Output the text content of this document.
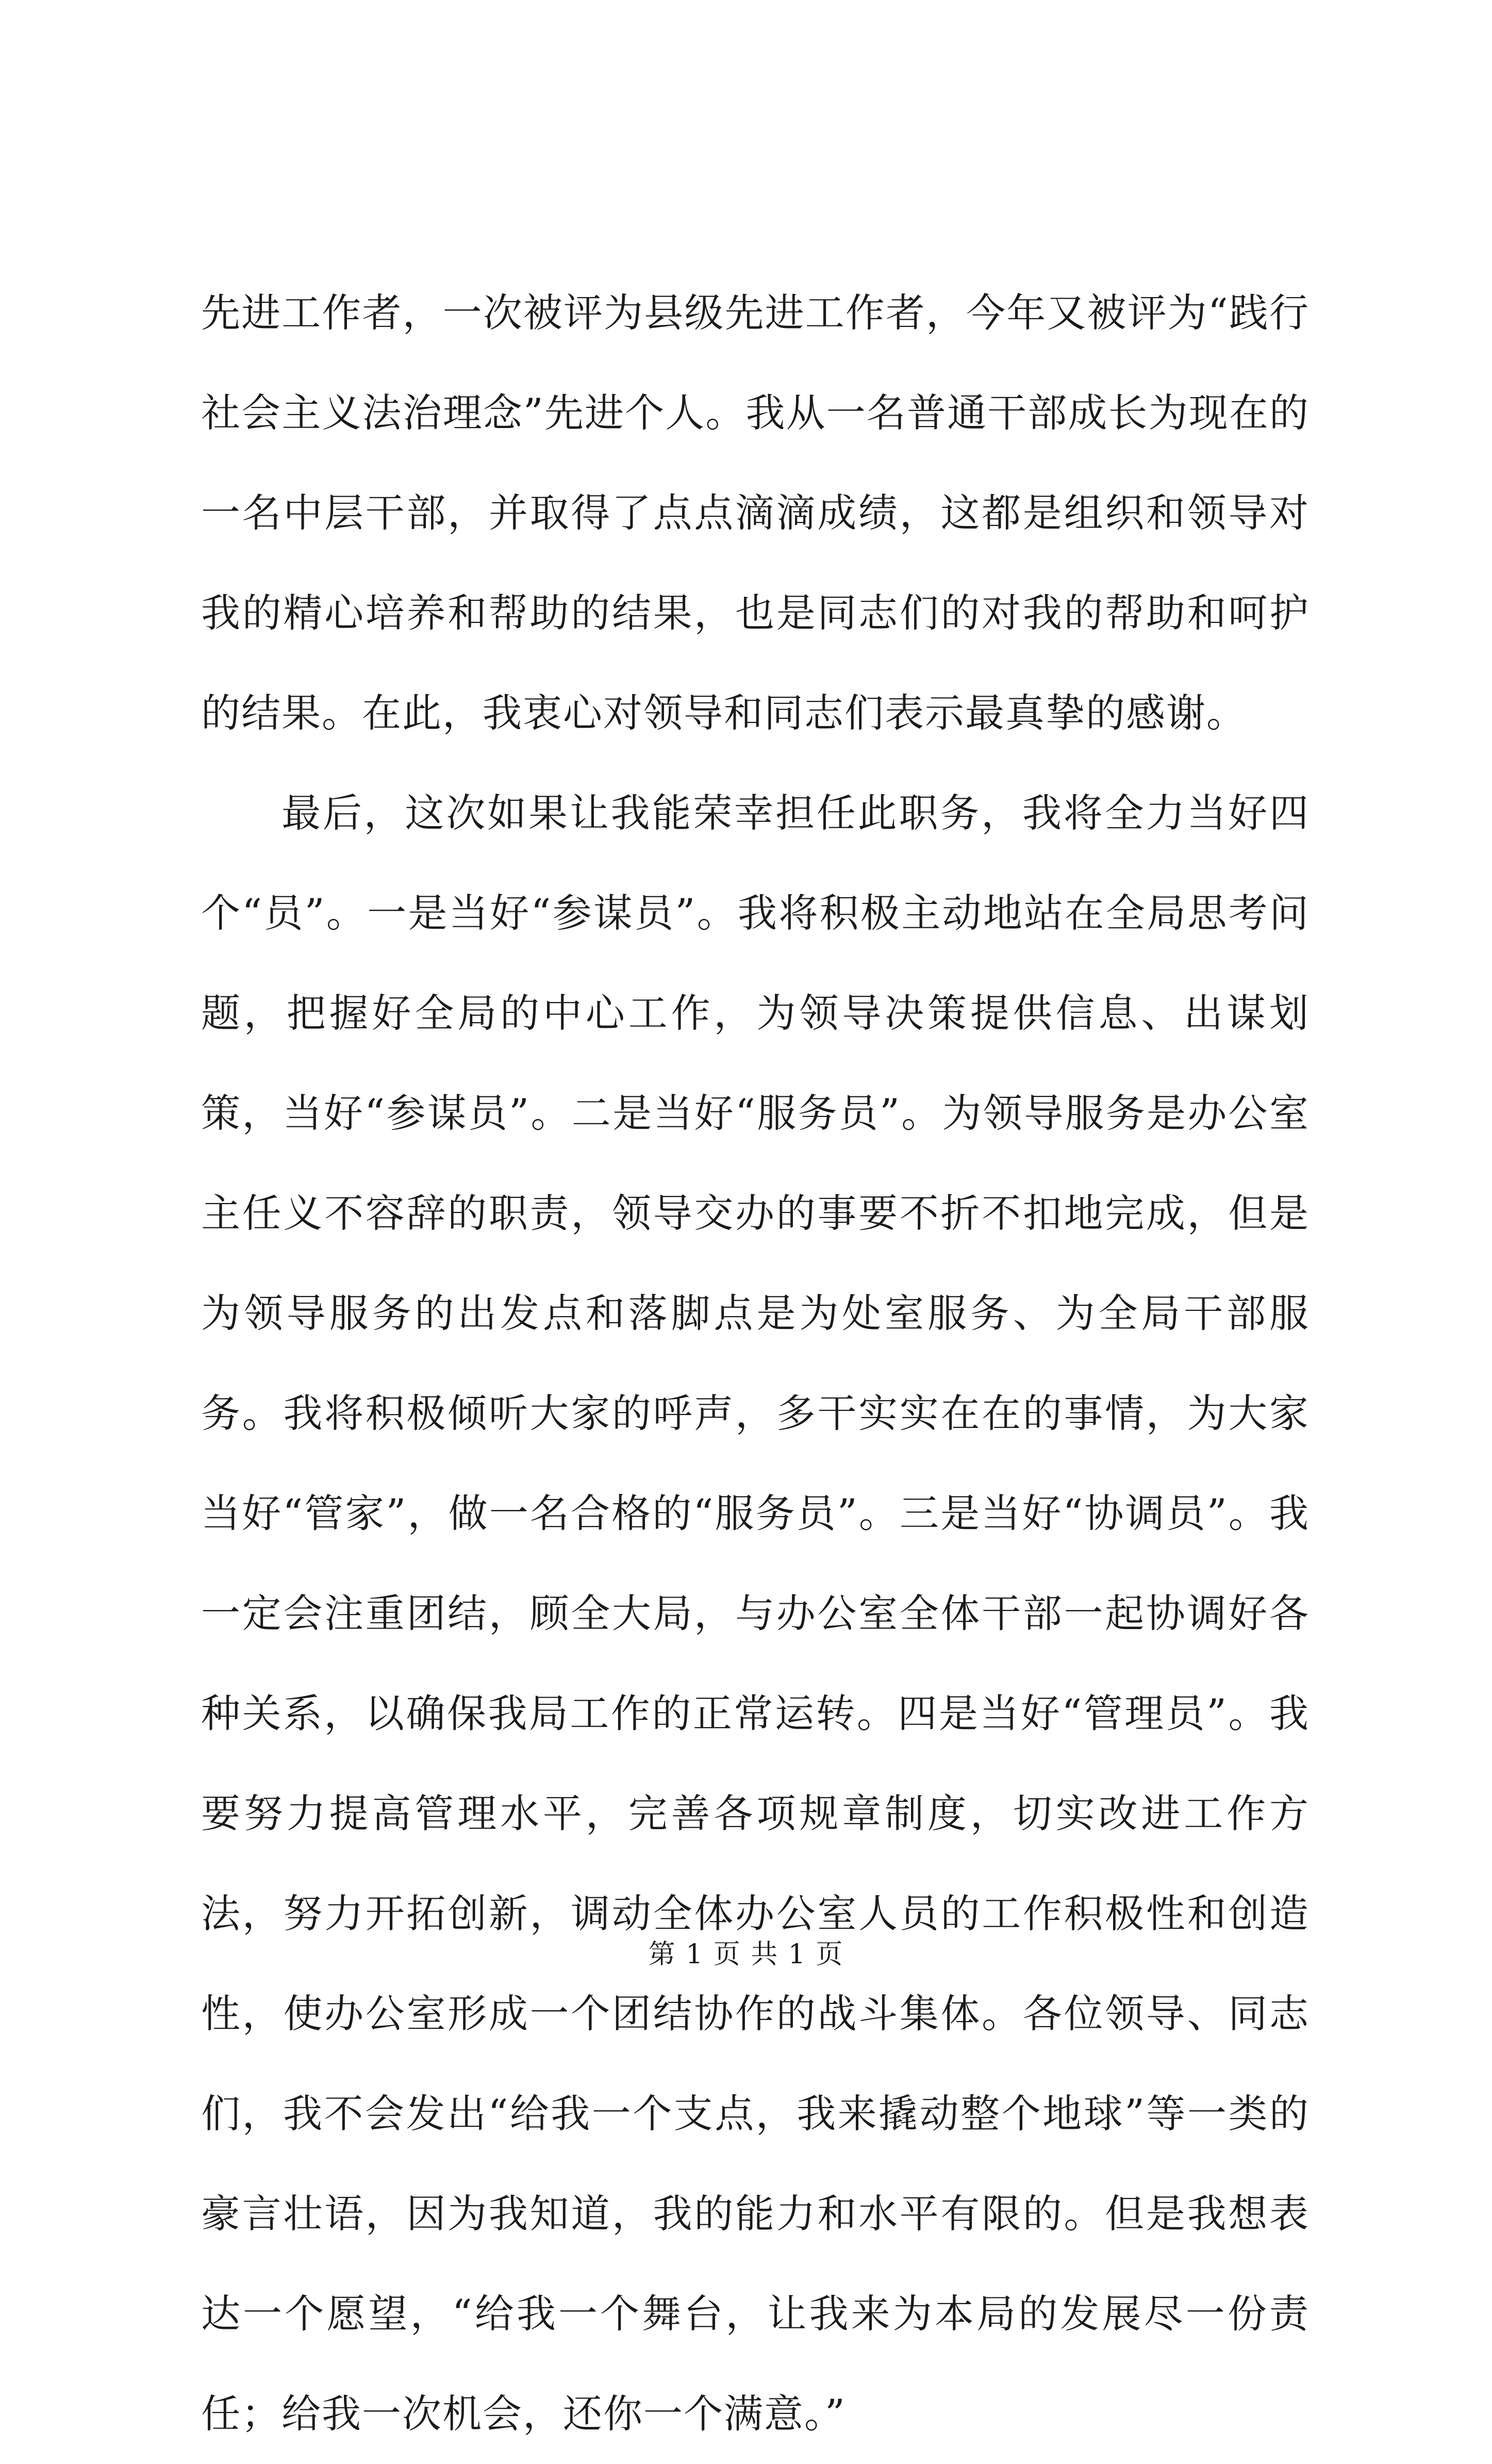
先进工作者，一次被评为县级先进工作者，今年又被评为“践行社会主义法治理念”先进个人。我从一名普通干部成长为现在的一名中层干部，并取得了点点滴滴成绩，这都是组织和领导对我的精心培养和帮助的结果，也是同志们的对我的帮助和呵护的结果。在此，我衷心对领导和同志们表示最真挚的感谢。

最后，这次如果让我能荣幸担任此职务，我将全力当好四个“员”。一是当好“参谋员”。我将积极主动地站在全局思考问题，把握好全局的中心工作，为领导决策提供信息、出谋划策，当好“参谋员”。二是当好“服务员”。为领导服务是办公室主任义不容辞的职责，领导交办的事要不折不扣地完成，但是为领导服务的出发点和落脚点是为处室服务、为全局干部服务。我将积极倾听大家的呼声，多干实实在在的事情，为大家当好“管家”，做一名合格的“服务员”。三是当好“协调员”。我一定会注重团结，顾全大局，与办公室全体干部一起协调好各种关系，以确保我局工作的正常运转。四是当好“管理员”。我要努力提高管理水平，完善各项规章制度，切实改进工作方法，努力开拓创新，调动全体办公室人员的工作积极性和创造性，使办公室形成一个团结协作的战斗集体。各位领导、同志们，我不会发出“给我一个支点，我来撬动整个地球”等一类的豪言壮语，因为我知道，我的能力和水平有限的。但是我想表达一个愿望，“给我一个舞台，让我来为本局的发展尽一份责任；给我一次机会，还你一个满意。”

第 1 页 共 1 页
